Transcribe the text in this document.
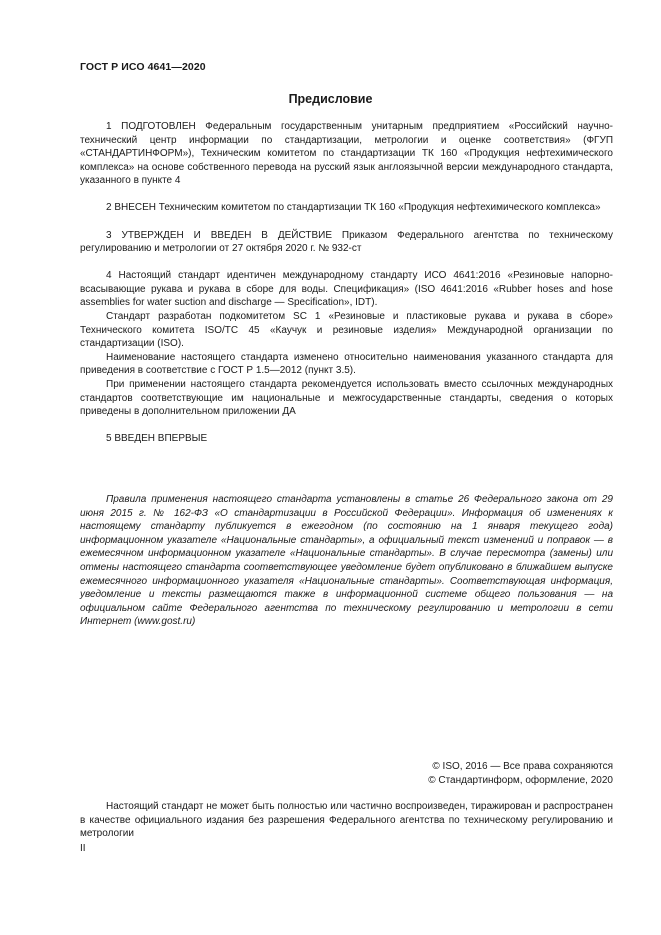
ГОСТ Р ИСО 4641—2020
Предисловие

1 ПОДГОТОВЛЕН Федеральным государственным унитарным предприятием «Российский научно-технический центр информации по стандартизации, метрологии и оценке соответствия» (ФГУП «СТАНДАРТИНФОРМ»), Техническим комитетом по стандартизации ТК 160 «Продукция нефтехимического комплекса» на основе собственного перевода на русский язык англоязычной версии международного стандарта, указанного в пункте 4

2 ВНЕСЕН Техническим комитетом по стандартизации ТК 160 «Продукция нефтехимического комплекса»

3 УТВЕРЖДЕН И ВВЕДЕН В ДЕЙСТВИЕ Приказом Федерального агентства по техническому регулированию и метрологии от 27 октября 2020 г. № 932-ст

4 Настоящий стандарт идентичен международному стандарту ИСО 4641:2016 «Резиновые напорно-всасывающие рукава и рукава в сборе для воды. Спецификация» (ISO 4641:2016 «Rubber hoses and hose assemblies for water suction and discharge — Specification», IDT).

Стандарт разработан подкомитетом SC 1 «Резиновые и пластиковые рукава и рукава в сборе» Технического комитета ISO/TC 45 «Каучук и резиновые изделия» Международной организации по стандартизации (ISO).

Наименование настоящего стандарта изменено относительно наименования указанного стандарта для приведения в соответствие с ГОСТ Р 1.5—2012 (пункт 3.5).

При применении настоящего стандарта рекомендуется использовать вместо ссылочных международных стандартов соответствующие им национальные и межгосударственные стандарты, сведения о которых приведены в дополнительном приложении ДА

5 ВВЕДЕН ВПЕРВЫЕ

Правила применения настоящего стандарта установлены в статье 26 Федерального закона от 29 июня 2015 г. № 162-ФЗ «О стандартизации в Российской Федерации». Информация об изменениях к настоящему стандарту публикуется в ежегодном (по состоянию на 1 января текущего года) информационном указателе «Национальные стандарты», а официальный текст изменений и поправок — в ежемесячном информационном указателе «Национальные стандарты». В случае пересмотра (замены) или отмены настоящего стандарта соответствующее уведомление будет опубликовано в ближайшем выпуске ежемесячного информационного указателя «Национальные стандарты». Соответствующая информация, уведомление и тексты размещаются также в информационной системе общего пользования — на официальном сайте Федерального агентства по техническому регулированию и метрологии в сети Интернет (www.gost.ru)
© ISO, 2016 — Все права сохраняются
© Стандартинформ, оформление, 2020
Настоящий стандарт не может быть полностью или частично воспроизведен, тиражирован и распространен в качестве официального издания без разрешения Федерального агентства по техническому регулированию и метрологии
II
